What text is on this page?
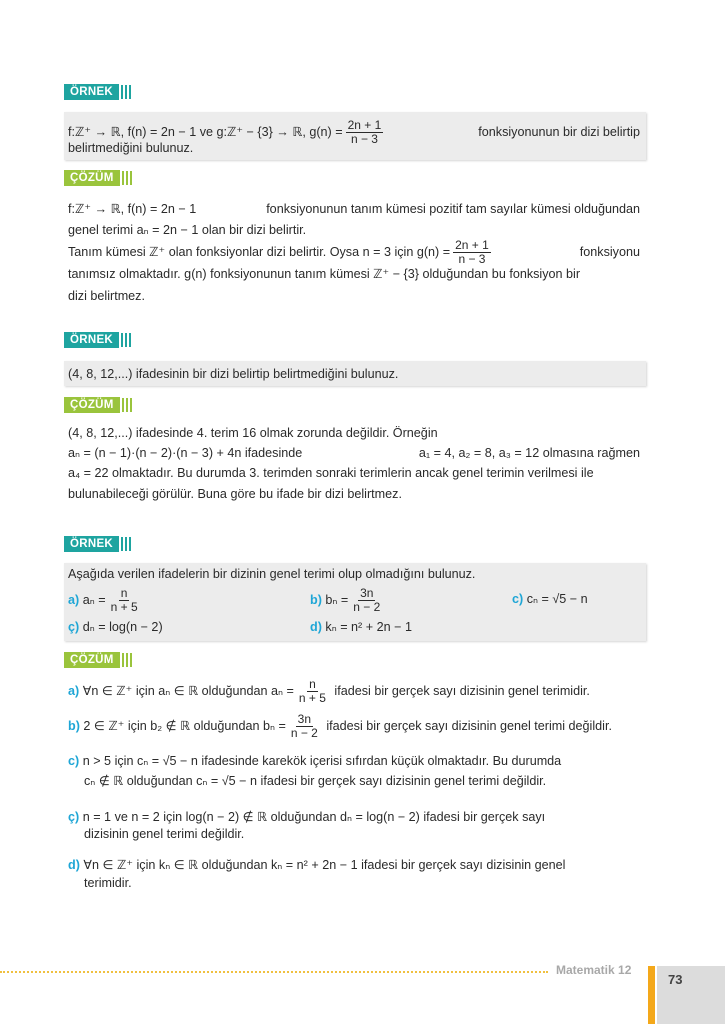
ÖRNEK
f:ℤ⁺ → ℝ, f(n) = 2n − 1 ve g:ℤ⁺ − {3} → ℝ, $g(n) = \frac{2n + 1}{n - 3}$	fonksiyonunun bir dizi belirtip
belirtmediğini bulunuz.
ÇÖZÜM
f:ℤ⁺ → ℝ, f(n) = 2n − 1	fonksiyonunun tanım kümesi pozitif tam sayılar kümesi olduğundan
genel terimi aₙ = 2n − 1 olan bir dizi belirtir.
Tanım kümesi ℤ⁺ olan fonksiyonlar dizi belirtir. Oysa n = 3 için $g(n) = \frac{2n + 1}{n - 3}$	fonksiyonu
tanımsız olmaktadır. g(n) fonksiyonunun tanım kümesi ℤ⁺ − {3} olduğundan bu fonksiyon bir
dizi belirtmez.
ÖRNEK
(4, 8, 12,...) ifadesinin bir dizi belirtip belirtmediğini bulunuz.
ÇÖZÜM
(4, 8, 12,...) ifadesinde 4. terim 16 olmak zorunda değildir. Örneğin
aₙ = (n − 1)·(n − 2)·(n − 3) + 4n ifadesinde	a₁ = 4, a₂ = 8, a₃ = 12 olmasına rağmen
a₄ = 22 olmaktadır. Bu durumda 3. terimden sonraki terimlerin ancak genel terimin verilmesi ile
bulunabileceği görülür. Buna göre bu ifade bir dizi belirtmez.
ÖRNEK
Aşağıda verilen ifadelerin bir dizinin genel terimi olup olmadığını bulunuz.
a) $a_n = \frac{n}{n + 5}$	b) $b_n = \frac{3n}{n - 2}$	c) cₙ = √5 − n
ç) dₙ = log(n − 2)	d) kₙ = n² + 2n − 1
ÇÖZÜM
a) ∀n ∈ ℤ⁺ için aₙ ∈ ℝ olduğundan $a_n = \frac{n}{n + 5}$ ifadesi bir gerçek sayı dizisinin genel terimidir.
b) 2 ∈ ℤ⁺ için b₂ ∉ ℝ olduğundan $b_n = \frac{3n}{n - 2}$ ifadesi bir gerçek sayı dizisinin genel terimi değildir.
c) n > 5 için cₙ = √5 − n ifadesinde karekök içerisi sıfırdan küçük olmaktadır. Bu durumda
cₙ ∉ ℝ olduğundan cₙ = √5 − n ifadesi bir gerçek sayı dizisinin genel terimi değildir.
ç) n = 1 ve n = 2 için log(n − 2) ∉ ℝ olduğundan dₙ = log(n − 2) ifadesi bir gerçek sayı
dizisinin genel terimi değildir.
d) ∀n ∈ ℤ⁺ için kₙ ∈ ℝ olduğundan kₙ = n² + 2n − 1 ifadesi bir gerçek sayı dizisinin genel
terimidir.
Matematik 12
73
